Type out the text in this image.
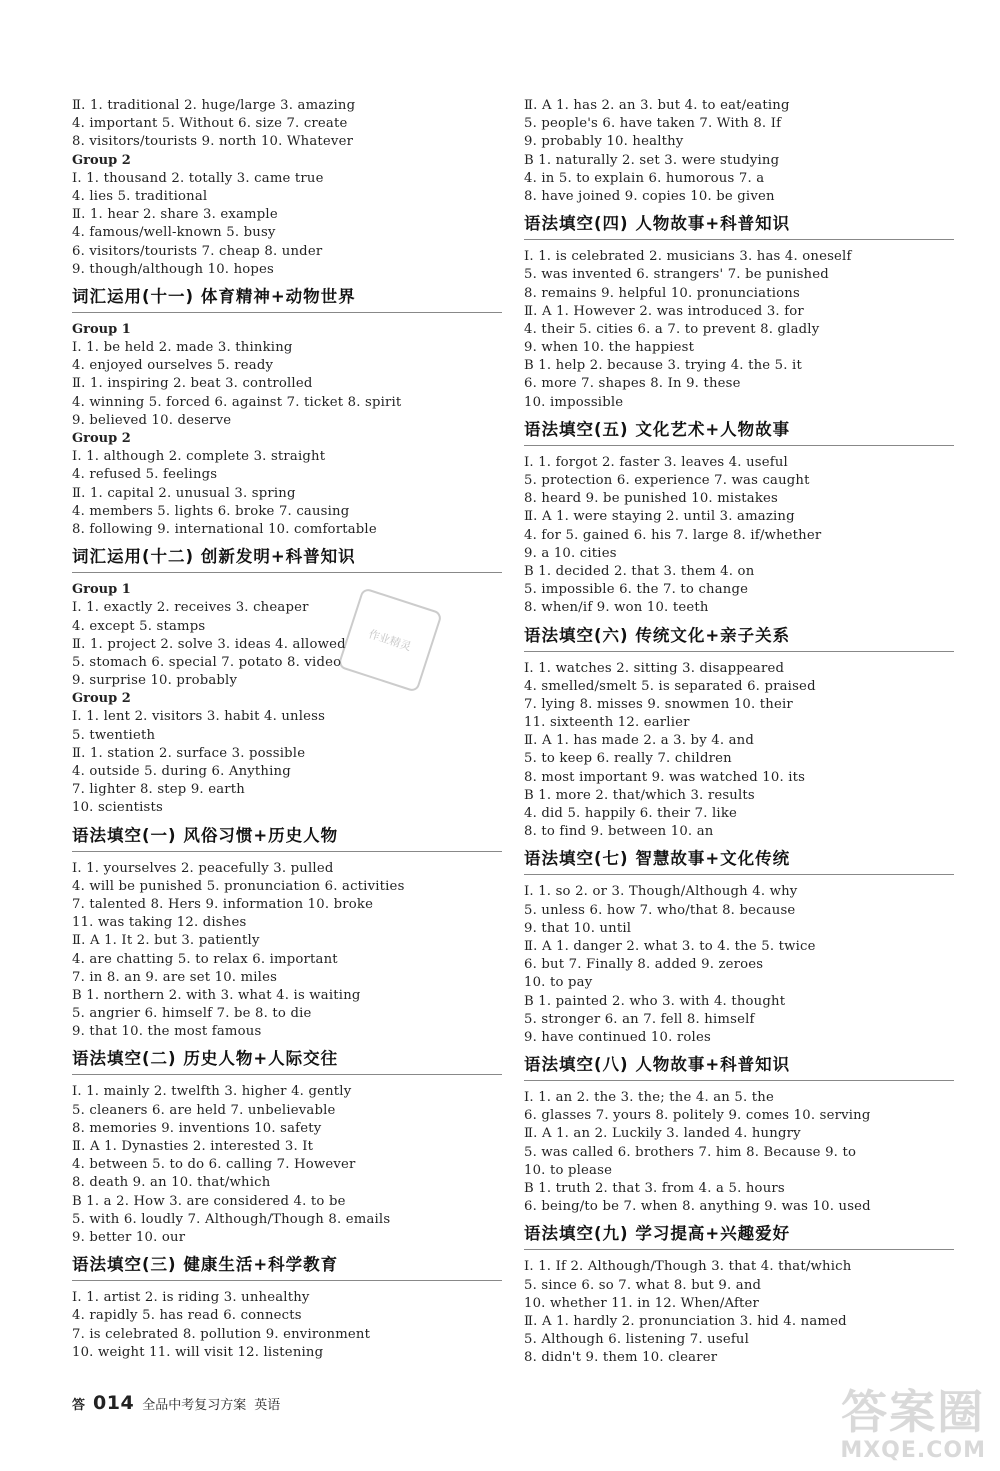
Ⅱ. 1. traditional 2. huge/large 3. amazing
4. important 5. Without 6. size 7. create
8. visitors/tourists 9. north 10. Whatever
Group 2
Ⅰ. 1. thousand 2. totally 3. came true
4. lies 5. traditional
Ⅱ. 1. hear 2. share 3. example
4. famous/well-known 5. busy
6. visitors/tourists 7. cheap 8. under
9. though/although 10. hopes
词汇运用(十一) 体育精神+动物世界
Group 1
Ⅰ. 1. be held 2. made 3. thinking
4. enjoyed ourselves 5. ready
Ⅱ. 1. inspiring 2. beat 3. controlled
4. winning 5. forced 6. against 7. ticket 8. spirit
9. believed 10. deserve
Group 2
Ⅰ. 1. although 2. complete 3. straight
4. refused 5. feelings
Ⅱ. 1. capital 2. unusual 3. spring
4. members 5. lights 6. broke 7. causing
8. following 9. international 10. comfortable
词汇运用(十二) 创新发明+科普知识
Group 1
Ⅰ. 1. exactly 2. receives 3. cheaper
4. except 5. stamps
Ⅱ. 1. project 2. solve 3. ideas 4. allowed
5. stomach 6. special 7. potato 8. video
9. surprise 10. probably
Group 2
Ⅰ. 1. lent 2. visitors 3. habit 4. unless
5. twentieth
Ⅱ. 1. station 2. surface 3. possible
4. outside 5. during 6. Anything
7. lighter 8. step 9. earth
10. scientists
语法填空(一) 风俗习惯+历史人物
Ⅰ. 1. yourselves 2. peacefully 3. pulled
4. will be punished 5. pronunciation 6. activities
7. talented 8. Hers 9. information 10. broke
11. was taking 12. dishes
Ⅱ. A 1. It 2. but 3. patiently
4. are chatting 5. to relax 6. important
7. in 8. an 9. are set 10. miles
B 1. northern 2. with 3. what 4. is waiting
5. angrier 6. himself 7. be 8. to die
9. that 10. the most famous
语法填空(二) 历史人物+人际交往
Ⅰ. 1. mainly 2. twelfth 3. higher 4. gently
5. cleaners 6. are held 7. unbelievable
8. memories 9. inventions 10. safety
Ⅱ. A 1. Dynasties 2. interested 3. It
4. between 5. to do 6. calling 7. However
8. death 9. an 10. that/which
B 1. a 2. How 3. are considered 4. to be
5. with 6. loudly 7. Although/Though 8. emails
9. better 10. our
语法填空(三) 健康生活+科学教育
Ⅰ. 1. artist 2. is riding 3. unhealthy
4. rapidly 5. has read 6. connects
7. is celebrated 8. pollution 9. environment
10. weight 11. will visit 12. listening
Ⅱ. A 1. has 2. an 3. but 4. to eat/eating
5. people's 6. have taken 7. With 8. If
9. probably 10. healthy
B 1. naturally 2. set 3. were studying
4. in 5. to explain 6. humorous 7. a
8. have joined 9. copies 10. be given
语法填空(四) 人物故事+科普知识
Ⅰ. 1. is celebrated 2. musicians 3. has 4. oneself
5. was invented 6. strangers' 7. be punished
8. remains 9. helpful 10. pronunciations
Ⅱ. A 1. However 2. was introduced 3. for
4. their 5. cities 6. a 7. to prevent 8. gladly
9. when 10. the happiest
B 1. help 2. because 3. trying 4. the 5. it
6. more 7. shapes 8. In 9. these
10. impossible
语法填空(五) 文化艺术+人物故事
Ⅰ. 1. forgot 2. faster 3. leaves 4. useful
5. protection 6. experience 7. was caught
8. heard 9. be punished 10. mistakes
Ⅱ. A 1. were staying 2. until 3. amazing
4. for 5. gained 6. his 7. large 8. if/whether
9. a 10. cities
B 1. decided 2. that 3. them 4. on
5. impossible 6. the 7. to change
8. when/if 9. won 10. teeth
语法填空(六) 传统文化+亲子关系
Ⅰ. 1. watches 2. sitting 3. disappeared
4. smelled/smelt 5. is separated 6. praised
7. lying 8. misses 9. snowmen 10. their
11. sixteenth 12. earlier
Ⅱ. A 1. has made 2. a 3. by 4. and
5. to keep 6. really 7. children
8. most important 9. was watched 10. its
B 1. more 2. that/which 3. results
4. did 5. happily 6. their 7. like
8. to find 9. between 10. an
语法填空(七) 智慧故事+文化传统
Ⅰ. 1. so 2. or 3. Though/Although 4. why
5. unless 6. how 7. who/that 8. because
9. that 10. until
Ⅱ. A 1. danger 2. what 3. to 4. the 5. twice
6. but 7. Finally 8. added 9. zeroes
10. to pay
B 1. painted 2. who 3. with 4. thought
5. stronger 6. an 7. fell 8. himself
9. have continued 10. roles
语法填空(八) 人物故事+科普知识
Ⅰ. 1. an 2. the 3. the; the 4. an 5. the
6. glasses 7. yours 8. politely 9. comes 10. serving
Ⅱ. A 1. an 2. Luckily 3. landed 4. hungry
5. was called 6. brothers 7. him 8. Because 9. to
10. to please
B 1. truth 2. that 3. from 4. a 5. hours
6. being/to be 7. when 8. anything 9. was 10. used
语法填空(九) 学习提高+兴趣爱好
Ⅰ. 1. If 2. Although/Though 3. that 4. that/which
5. since 6. so 7. what 8. but 9. and
10. whether 11. in 12. When/After
Ⅱ. A 1. hardly 2. pronunciation 3. hid 4. named
5. Although 6. listening 7. useful
8. didn't 9. them 10. clearer
作业精灵
答 014 全品中考复习方案 英语	答案圈
MXQE.COM
